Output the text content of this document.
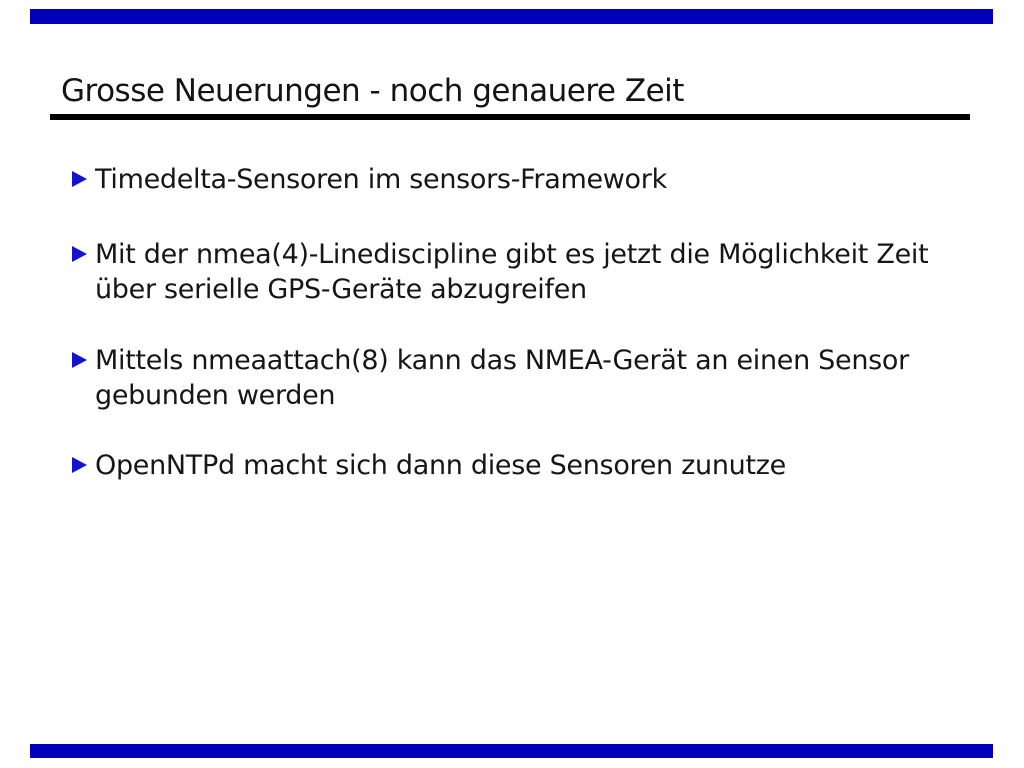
Grosse Neuerungen - noch genauere Zeit
Timedelta-Sensoren im sensors-Framework
Mit der nmea(4)-Linediscipline gibt es jetzt die Möglichkeit Zeit
über serielle GPS-Geräte abzugreifen
Mittels nmeaattach(8) kann das NMEA-Gerät an einen Sensor
gebunden werden
OpenNTPd macht sich dann diese Sensoren zunutze
